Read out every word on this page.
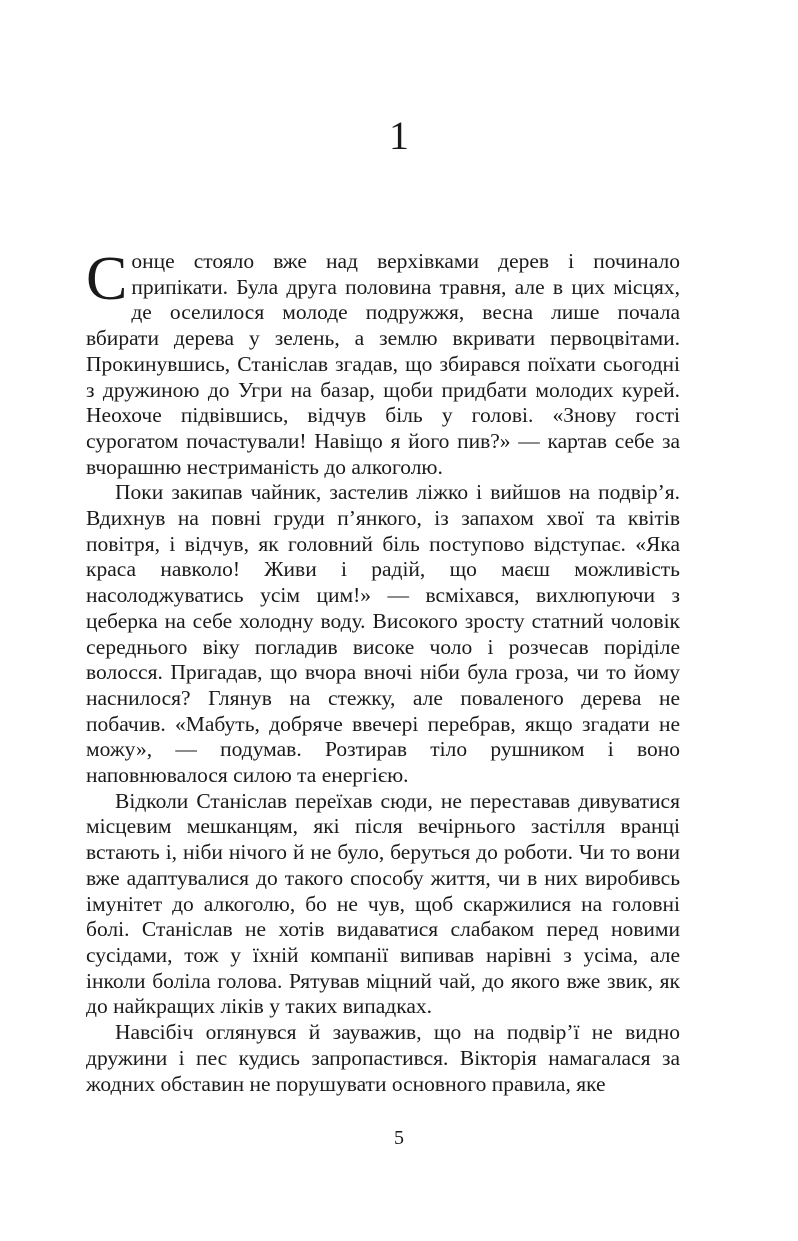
1

Сонце стояло вже над верхівками дерев і починало припікати. Була друга половина травня, але в цих місцях, де оселилося молоде подружжя, весна лише почала вбирати дерева у зелень, а землю вкривати первоцвітами. Прокинувшись, Станіслав згадав, що збирався поїхати сьогодні з дружиною до Угри на базар, щоби придбати молодих курей. Неохоче підвівшись, відчув біль у голові. «Знову гості сурогатом почастували! Навіщо я його пив?» — картав себе за вчорашню нестриманість до алкоголю.

Поки закипав чайник, застелив ліжко і вийшов на подвір’я. Вдихнув на повні груди п’янкого, із запахом хвої та квітів повітря, і відчув, як головний біль поступово відступає. «Яка краса навколо! Живи і радій, що маєш можливість насолоджуватись усім цим!» — всміхався, вихлюпуючи з цеберка на себе холодну воду. Високого зросту статний чоловік середнього віку погладив високе чоло і розчесав поріділе волосся. Пригадав, що вчора вночі ніби була гроза, чи то йому наснилося? Глянув на стежку, але поваленого дерева не побачив. «Мабуть, добряче ввечері перебрав, якщо згадати не можу», — подумав. Розтирав тіло рушником і воно наповнювалося силою та енергією.

Відколи Станіслав переїхав сюди, не переставав дивуватися місцевим мешканцям, які після вечірнього застілля вранці встають і, ніби нічого й не було, беруться до роботи. Чи то вони вже адаптувалися до такого способу життя, чи в них виробивсь імунітет до алкоголю, бо не чув, щоб скаржилися на головні болі. Станіслав не хотів видаватися слабаком перед новими сусідами, тож у їхній компанії випивав нарівні з усіма, але інколи боліла голова. Рятував міцний чай, до якого вже звик, як до найкращих ліків у таких випадках.

Навсібіч оглянувся й зауважив, що на подвір’ї не видно дружини і пес кудись запропастився. Вікторія намагалася за жодних обставин не порушувати основного правила, яке

5
